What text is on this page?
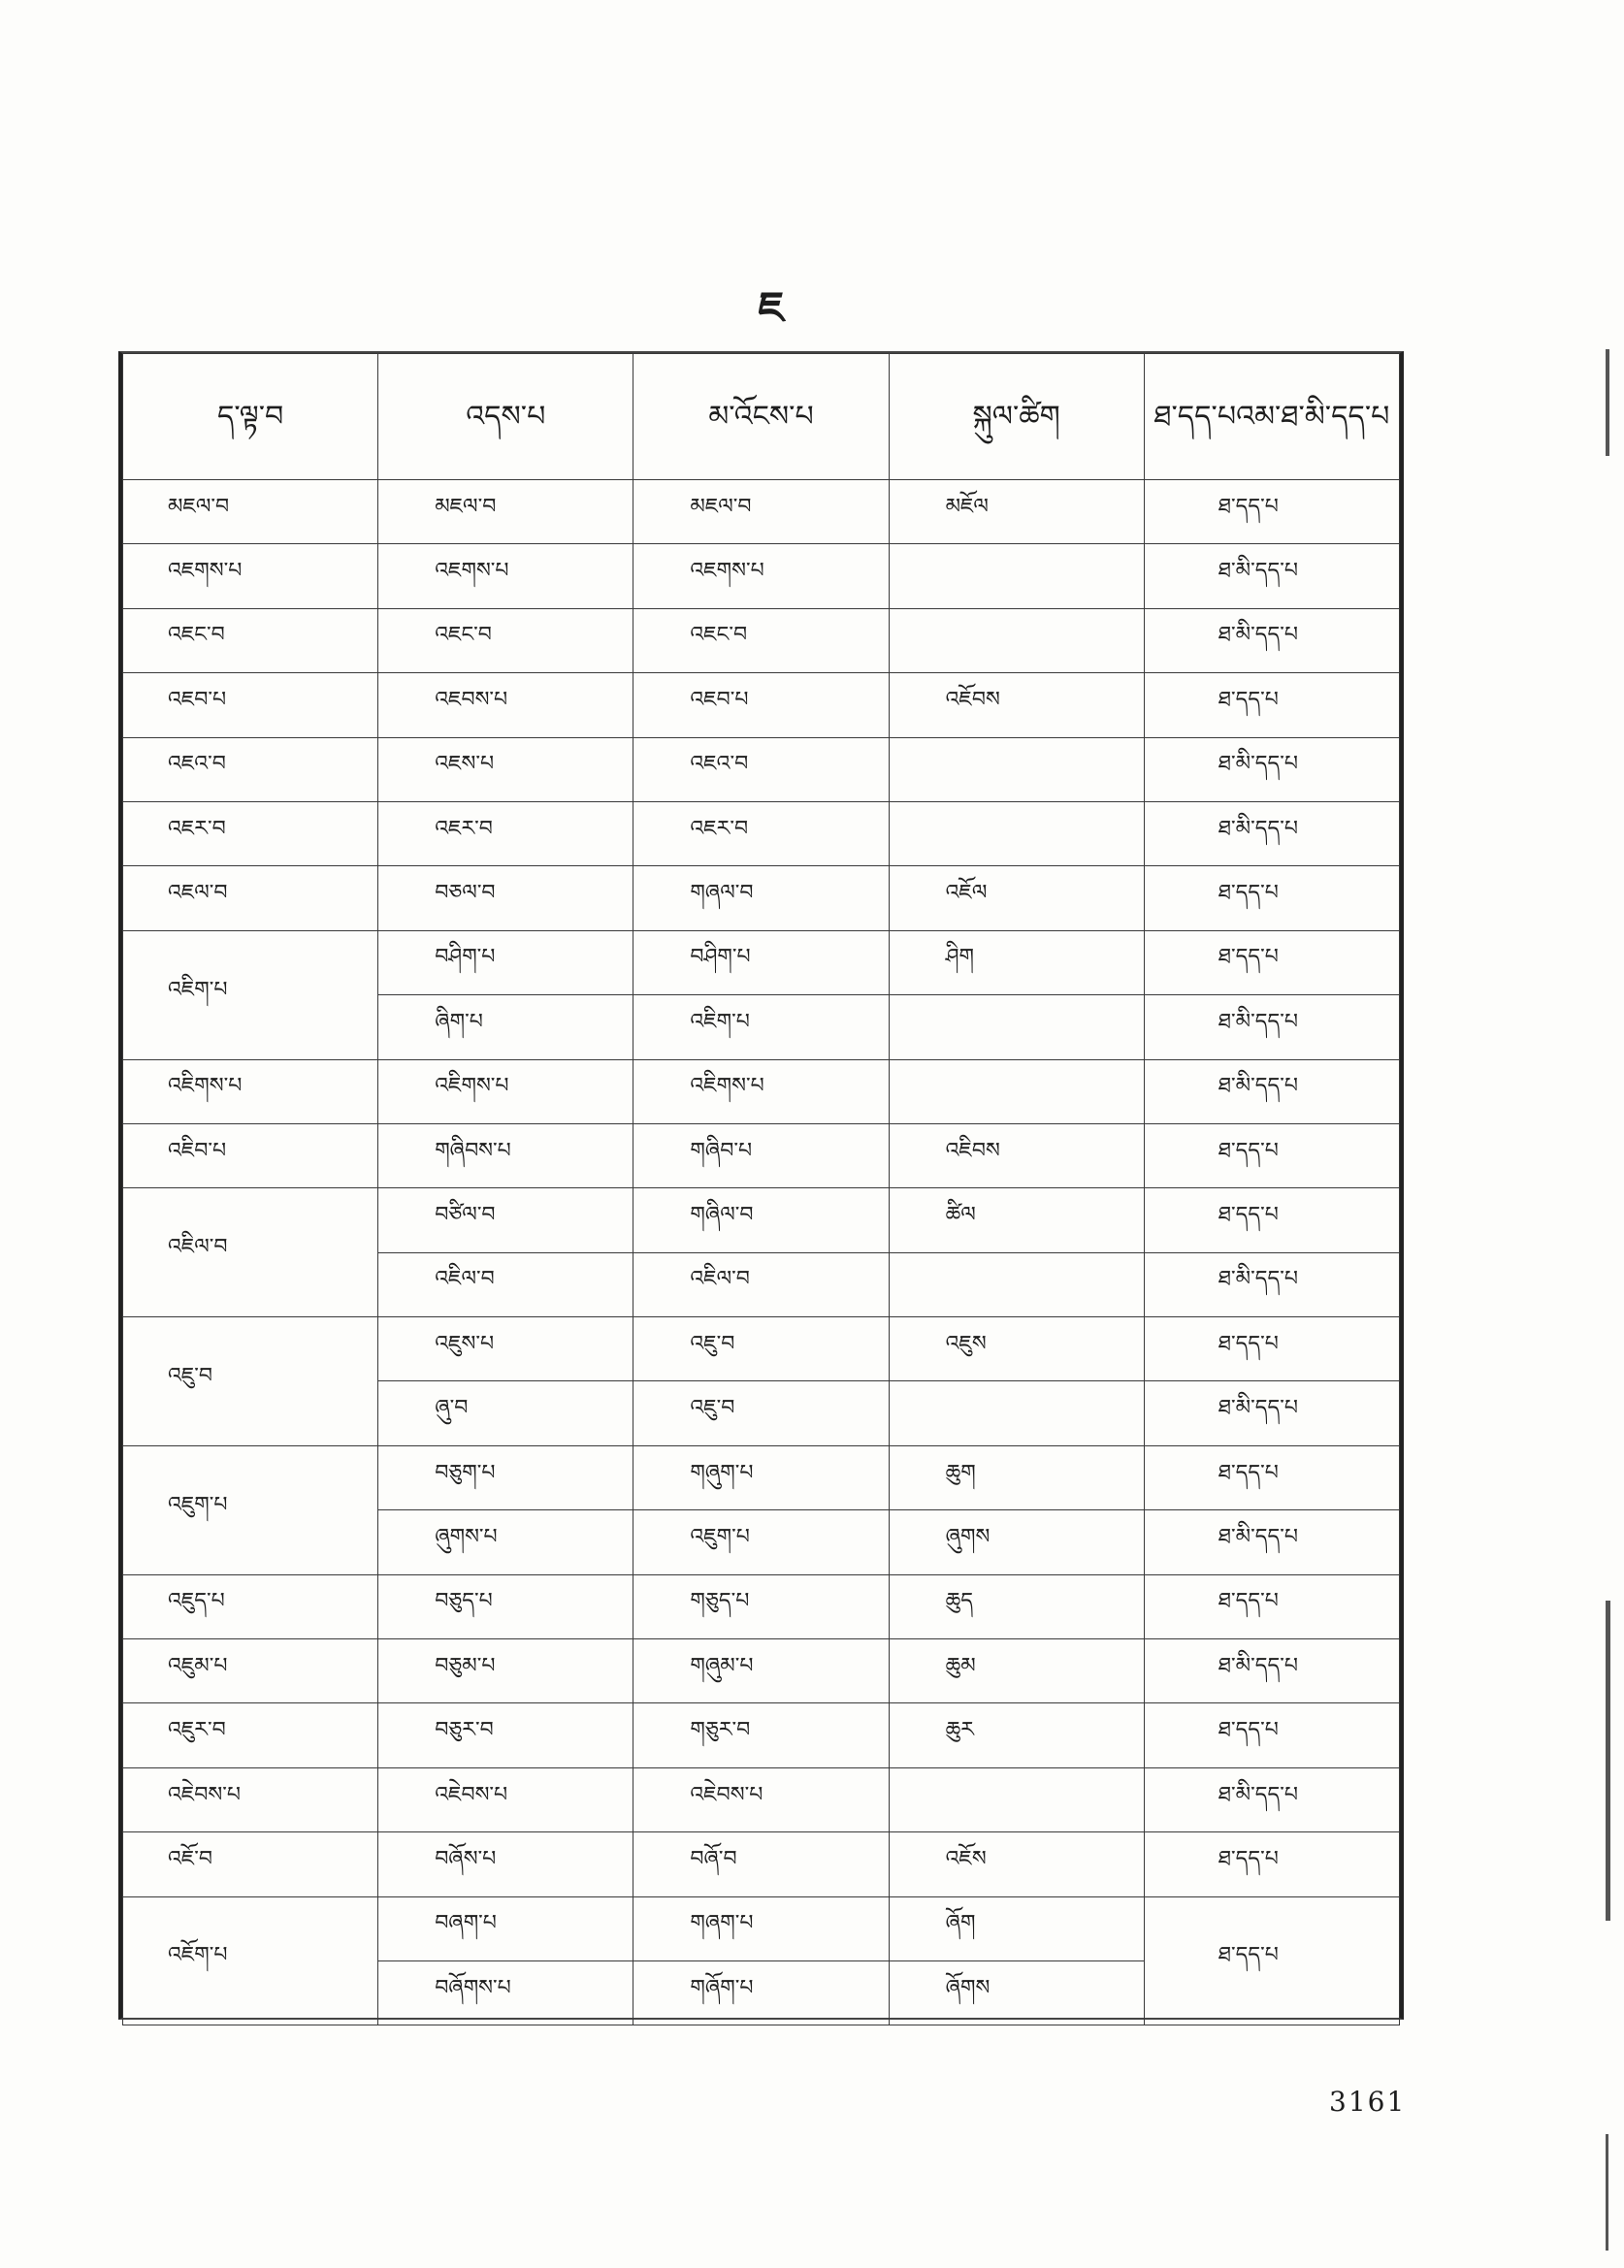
ཇ
ད་ལྟ་བ	འདས་པ	མ་འོངས་པ	སྐུལ་ཚིག	ཐ་དད་པའམ་ཐ་མི་དད་པ
མཇལ་བ	མཇལ་བ	མཇལ་བ	མཇོལ	ཐ་དད་པ
འཇགས་པ	འཇགས་པ	འཇགས་པ		ཐ་མི་དད་པ
འཇང་བ	འཇང་བ	འཇང་བ		ཐ་མི་དད་པ
འཇབ་པ	འཇབས་པ	འཇབ་པ	འཇོབས	ཐ་དད་པ
འཇའ་བ	འཇས་པ	འཇའ་བ		ཐ་མི་དད་པ
འཇར་བ	འཇར་བ	འཇར་བ		ཐ་མི་དད་པ
འཇལ་བ	བཅལ་བ	གཞལ་བ	འཇོལ	ཐ་དད་པ
འཇིག་པ	བཤིག་པ	བཤིག་པ	ཤིག	ཐ་དད་པ
	ཞིག་པ	འཇིག་པ		ཐ་མི་དད་པ
འཇིགས་པ	འཇིགས་པ	འཇིགས་པ		ཐ་མི་དད་པ
འཇིབ་པ	གཞིབས་པ	གཞིབ་པ	འཇིབས	ཐ་དད་པ
འཇིལ་བ	བཙིལ་བ	གཞིལ་བ	ཚིལ	ཐ་དད་པ
	འཇིལ་བ	འཇིལ་བ		ཐ་མི་དད་པ
འཇུ་བ	འཇུས་པ	འཇུ་བ	འཇུས	ཐ་དད་པ
	ཞུ་བ	འཇུ་བ		ཐ་མི་དད་པ
འཇུག་པ	བཅུག་པ	གཞུག་པ	ཆུག	ཐ་དད་པ
	ཞུགས་པ	འཇུག་པ	ཞུགས	ཐ་མི་དད་པ
འཇུད་པ	བཅུད་པ	གཅུད་པ	ཆུད	ཐ་དད་པ
འཇུམ་པ	བཅུམ་པ	གཞུམ་པ	ཆུམ	ཐ་མི་དད་པ
འཇུར་བ	བཅུར་བ	གཅུར་བ	ཆུར	ཐ་དད་པ
འཇེབས་པ	འཇེབས་པ	འཇེབས་པ		ཐ་མི་དད་པ
འཇོ་བ	བཞོས་པ	བཞོ་བ	འཇོས	ཐ་དད་པ
འཇོག་པ	བཞག་པ	གཞག་པ	ཞོག	ཐ་དད་པ
	བཞོགས་པ	གཞོག་པ	ཞོགས	
3161
